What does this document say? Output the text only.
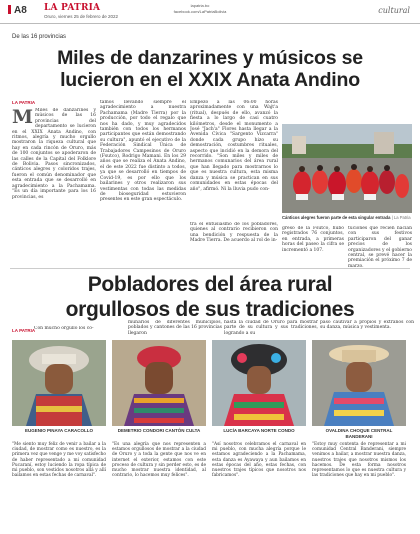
A8 LA PATRIA
Oruro, viernes 25 de febrero de 2022
lapatria.bo
facebook.com/LaPatriaBolivia	cultural
De las 16 provincias
Miles de danzarines y músicos se
lucieron en el XXIX Anata Andino
LA PATRIA
M Miles de danzarines y músicos de las 16 provincias del departamento se lucieron en el XXIX Anata Andino, con ritmos, alegría y mucho orgullo mostraron la riqueza cultural que hay en cada rincón de Oruro, más de 100 conjuntos se apoderaron de las calles de la Capital del Folklore de Bolivia. Pasos sincronizados, cánticos alegres y coloridos trajes, fueron el común denominador que esta entrada que se desarrolló en agradecimiento a la Pachamama. "Es un día importante para los 16 provincias, es
tamos llevando siempre el agradecimiento a nuestra Pachamama (Madre Tierra) por la producción, por todo el regalo que nos ha dado, y muy agradecidos también con todos los hermanos participantes que están demostrando su cultura", apuntó el ejecutivo de la Federación Sindical Única de Trabajadores Campesinos de Oruro (Fsutco), Rodrigo Mamani. En los 29 años que se realiza el Anata Andino, el de este 2022 fue distinto a todos, ya que se desarrolló en tiempos de Covid-19, es por ello que los bailarines y otros realizaron sus vestimentas con todas las medidas de bioseguridad estuvieron presentes en este gran espectáculo.
Empezó a las 06:00 horas aproximadamente con una Wajt'a (ritual), después de ello, avanzó la fiesta a lo largo de casi cuatro kilómetros, desde el monumento a José "Jach'a" Flores hasta llegar a la Avenida Cívica "Sargento Vizcarra" donde cada grupo hizo su demostración, costumbres rituales, aspecto que incidió en la demora del recorrido. "Son miles y miles de hermanos comunarios del área rural que han llegado para mostrarnos lo que es nuestra cultura, esta misma danza y música se practican en sus comunidades en estas épocas del año", afirmó. Ni la lluvia pudo con-
Cánticos alegres fueron parte de esta singular entrada | La Patria
tra el entusiasmo de los pobladores, quienes al contrario recibieron con una bendición y respuesta de la Madre Tierra. De acuerdo al rol de in-
greso de la Fsutco, hubo registrados 76 conjuntos, en entrada, a primeras horas del paseo la cifra se incrementó a 107.
tuciones que recién nacían con sus festivos participaron del ganar precios de los organizadores y el gobierno central, se prevé hacer la premiación el próximo 7 de marzo.
Pobladores del área rural
orgullosos de sus tradiciones
LA PATRIA
Con mucho orgullo los co-
munarios de diferentes municipios, poblados y cantones de las 16 provincias llegaron
hasta la ciudad de Oruro para mostrar parte de su cultura y sus tradiciones, logrando a su
paso cautivar a propios y extraños con su danza, música y vestimenta.
EUGENIO PINAYA CARACOLLO	DEMETRIO CONDORI CANTÓN CULTA	LUCÍA BARCAYA NORTE CONDO	OVALDINA CHOQUE CENTRAL BANDERANI
"Me siento muy feliz de venir a bailar a la ciudad, de mostrar como es nuestro, es la primera vez que venge y me voy satisfecho de haber representado a mi comunidad Pucaraní, estoy luciendo la ropa típica de mi pueblo, son vestidos nosotros allá y allí bailamos en estas fechas de carnaval".
"Es una alegría que nos representen a estamos orgullosos de mostrar a la ciudad de Oruro y a toda la gente que nos ve en internet el exterior, estamos con este proceso de cultura y sin perder esto, es de mucho mostrar nuestra identidad, al contrario, lo hacemos muy felices".
"Así nosotros celebramos el carnaval en mi pueblo, con mucha alegría porque le estamos agradeciendo a la Pachamama, esta danza es Ayawaya y aun bailamos en estas épocas del año, estas fechas, con nuestros trajes típicos que nosotros nos fabricamos".
"Estoy muy contenta de representar a mi comunidad Central Banderani, siempre venimos a bailar, a mostrar nuestra danza, nuestros trajes que nosotros mismos los hacemos. De esta forma nosotros representamos lo que es nuestra cultura y las tradiciones que hay en mi pueblo".
